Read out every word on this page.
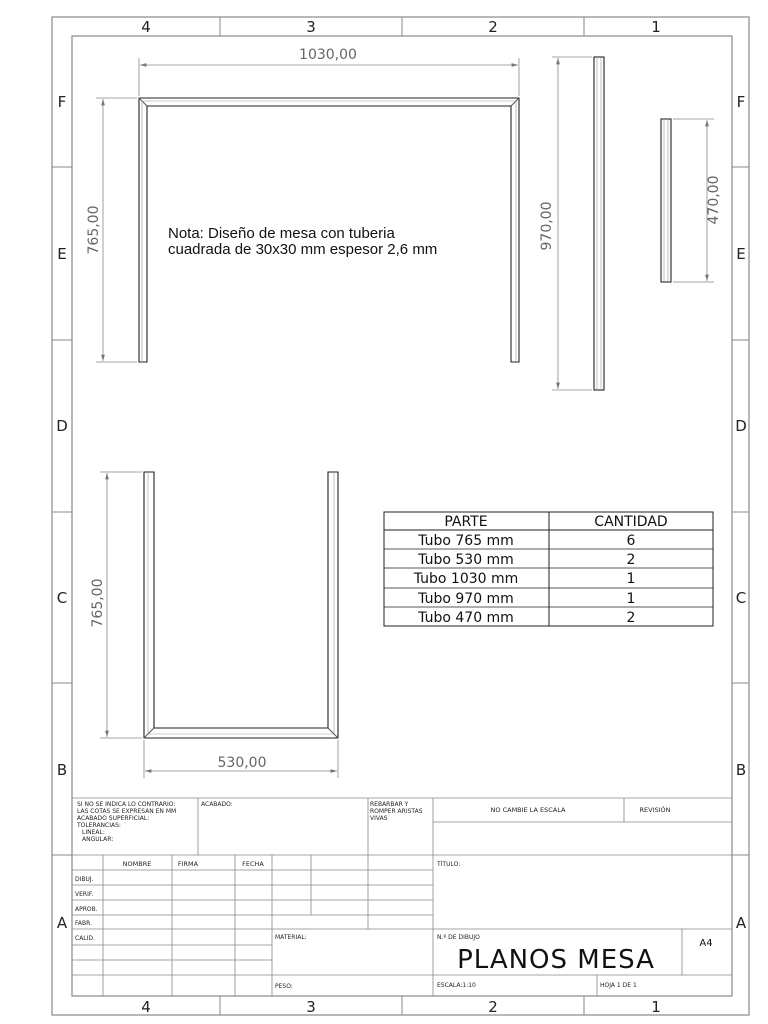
4	3	2	1
4	3	2	1
F
E
D
C
B
A
F
E
D
C
B
A
1030,00
765,00	Nota: Diseño de mesa con tuberia
cuadrada de 30x30 mm espesor 2,6 mm	970,00
470,00
765,00
530,00
PARTE	CANTIDAD
Tubo 765 mm	6
Tubo 530 mm	2
Tubo 1030 mm	1
Tubo 970 mm	1
Tubo 470 mm	2
SI NO SE INDICA LO CONTRARIO:
LAS COTAS SE EXPRESAN EN MM
ACABADO SUPERFICIAL:
TOLERANCIAS:
LINEAL:
ANGULAR:
ACABADO:	REBARBAR Y
ROMPER ARISTAS
VIVAS
NO CAMBIE LA ESCALA	REVISIÓN
NOMBRE	FIRMA	FECHA
DIBUJ.
VERIF.
APROB.
FABR.
CALID.
TÍTULO:
MATERIAL:
PESO:
N.º DE DIBUJO
PLANOS MESA
A4
ESCALA:1:10	HOJA 1 DE 1
